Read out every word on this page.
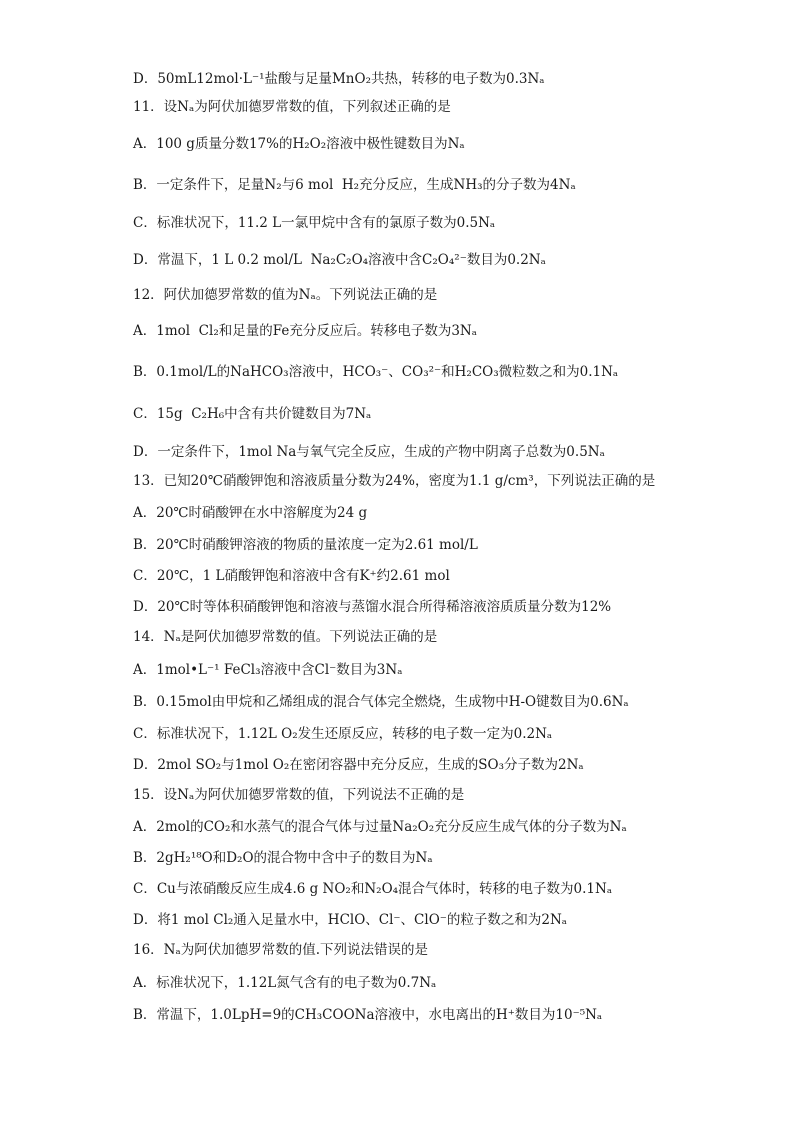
D．50mL12mol·L⁻¹盐酸与足量MnO₂共热，转移的电子数为0.3Nₐ
11．设Nₐ为阿伏加德罗常数的值，下列叙述正确的是
A．100 g质量分数17%的H₂O₂溶液中极性键数目为Nₐ
B．一定条件下，足量N₂与6 mol  H₂充分反应，生成NH₃的分子数为4Nₐ
C．标准状况下，11.2 L一氯甲烷中含有的氯原子数为0.5Nₐ
D．常温下，1 L 0.2 mol/L  Na₂C₂O₄溶液中含C₂O₄²⁻数目为0.2Nₐ
12．阿伏加德罗常数的值为Nₐ。下列说法正确的是
A．1mol  Cl₂和足量的Fe充分反应后。转移电子数为3Nₐ
B．0.1mol/L的NaHCO₃溶液中，HCO₃⁻、CO₃²⁻和H₂CO₃微粒数之和为0.1Nₐ
C．15g  C₂H₆中含有共价键数目为7Nₐ
D．一定条件下，1mol Na与氧气完全反应，生成的产物中阴离子总数为0.5Nₐ
13．已知20℃硝酸钾饱和溶液质量分数为24%，密度为1.1 g/cm³，下列说法正确的是
A．20℃时硝酸钾在水中溶解度为24 g
B．20℃时硝酸钾溶液的物质的量浓度一定为2.61 mol/L
C．20℃，1 L硝酸钾饱和溶液中含有K⁺约2.61 mol
D．20℃时等体积硝酸钾饱和溶液与蒸馏水混合所得稀溶液溶质质量分数为12%
14．Nₐ是阿伏加德罗常数的值。下列说法正确的是
A．1mol•L⁻¹ FeCl₃溶液中含Cl⁻数目为3Nₐ
B．0.15mol由甲烷和乙烯组成的混合气体完全燃烧，生成物中H-O键数目为0.6Nₐ
C．标准状况下，1.12L O₂发生还原反应，转移的电子数一定为0.2Nₐ
D．2mol SO₂与1mol O₂在密闭容器中充分反应，生成的SO₃分子数为2Nₐ
15．设Nₐ为阿伏加德罗常数的值，下列说法不正确的是
A．2mol的CO₂和水蒸气的混合气体与过量Na₂O₂充分反应生成气体的分子数为Nₐ
B．2gH₂¹⁸O和D₂O的混合物中含中子的数目为Nₐ
C．Cu与浓硝酸反应生成4.6 g NO₂和N₂O₄混合气体时，转移的电子数为0.1Nₐ
D．将1 mol Cl₂通入足量水中，HClO、Cl⁻、ClO⁻的粒子数之和为2Nₐ
16．Nₐ为阿伏加德罗常数的值.下列说法错误的是
A．标准状况下，1.12L氮气含有的电子数为0.7Nₐ
B．常温下，1.0LpH=9的CH₃COONa溶液中，水电离出的H⁺数目为10⁻⁵Nₐ
